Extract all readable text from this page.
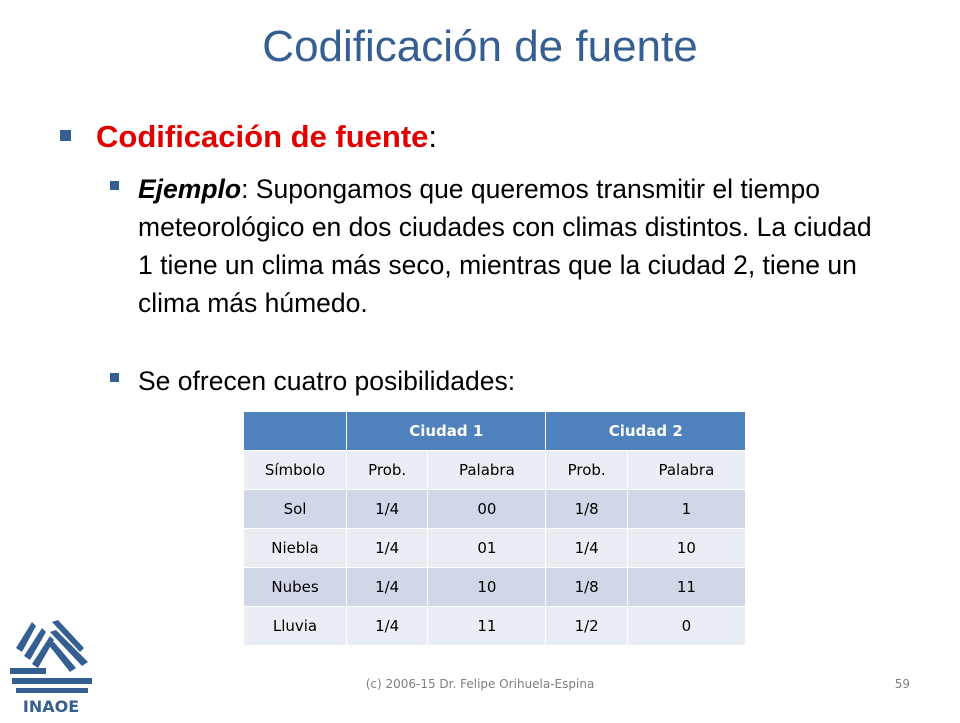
Codificación de fuente
Codificación de fuente:
Ejemplo: Supongamos que queremos transmitir el tiempo meteorológico en dos ciudades con climas distintos. La ciudad 1 tiene un clima más seco, mientras que la ciudad 2, tiene un clima más húmedo.
Se ofrecen cuatro posibilidades:
	Ciudad 1		Ciudad 2	
Símbolo	Prob.	Palabra	Prob.	Palabra
Sol	1/4	00	1/8	1
Niebla	1/4	01	1/4	10
Nubes	1/4	10	1/8	11
Lluvia	1/4	11	1/2	0
INAOE
(c) 2006-15 Dr. Felipe Orihuela-Espina	59
